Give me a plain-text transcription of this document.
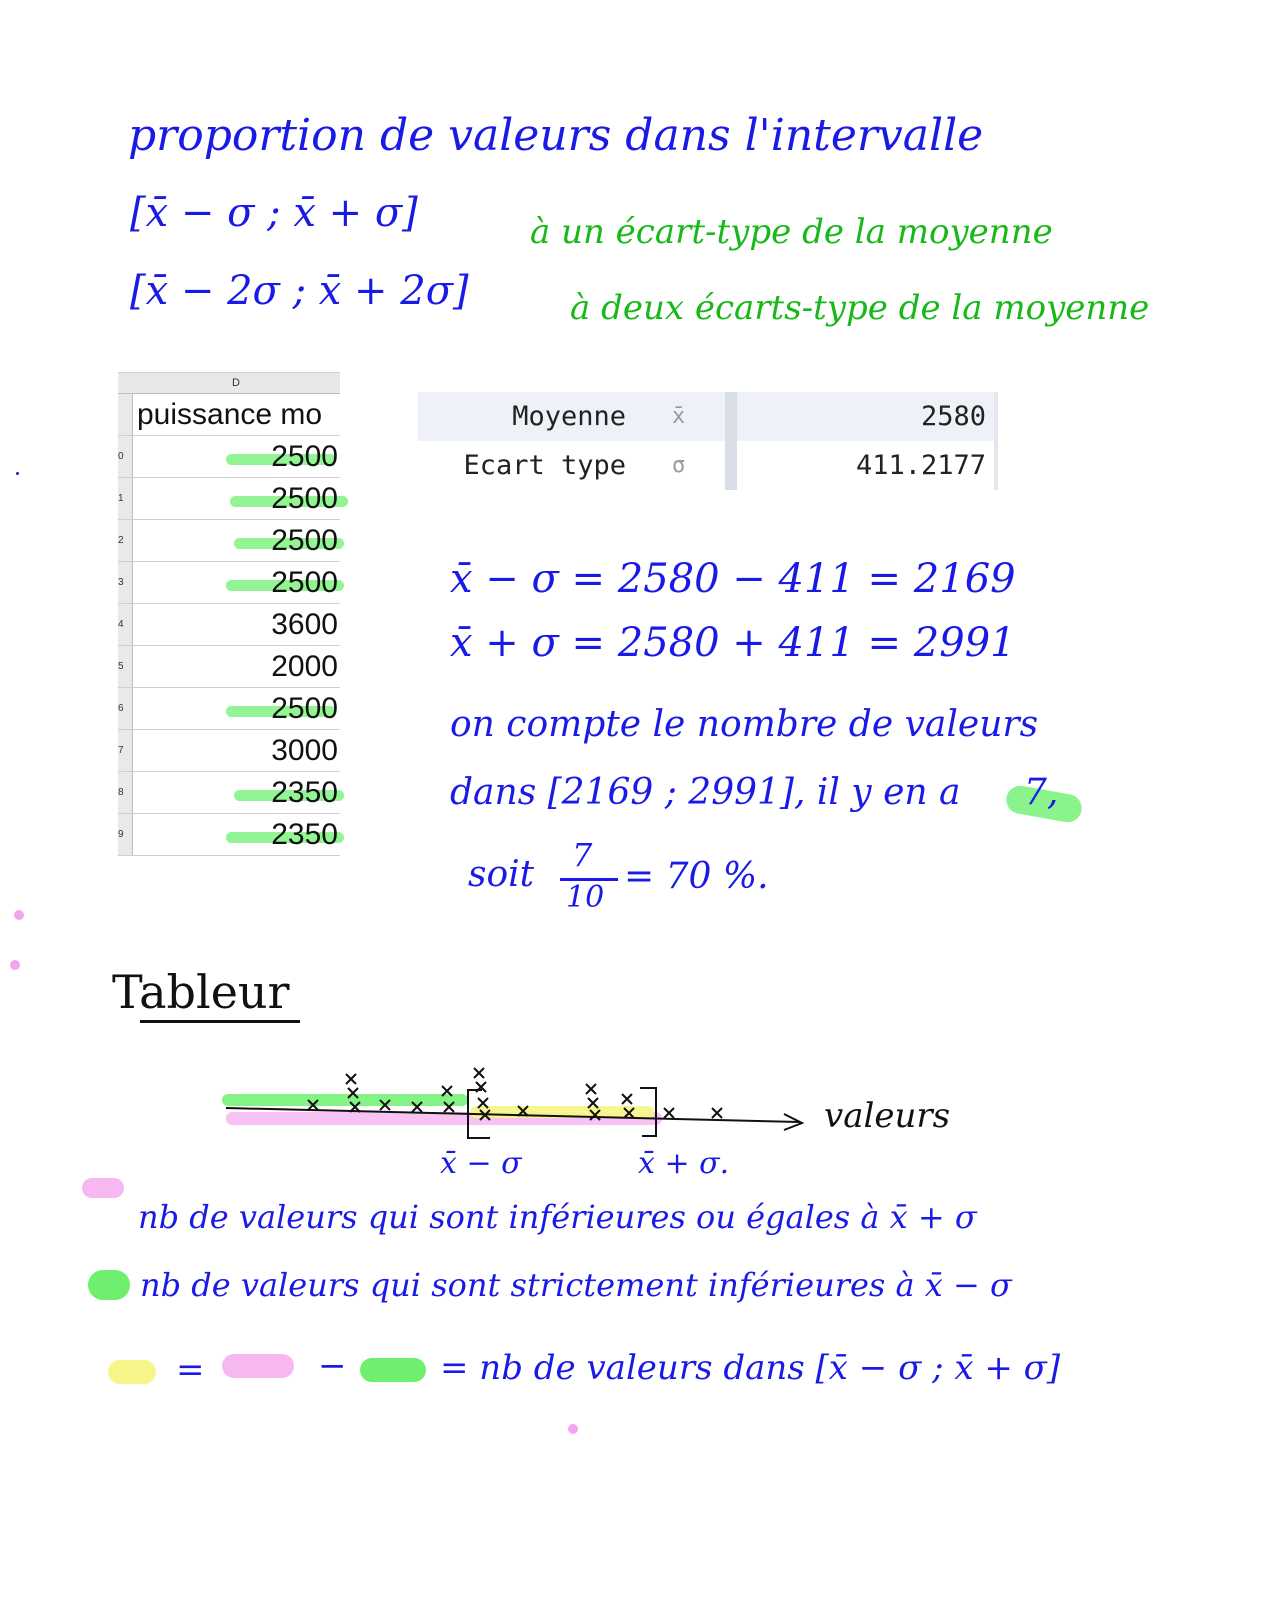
proportion de valeurs dans l'intervalle
[x̄ − σ ; x̄ + σ]	à un écart-type de la moyenne
[x̄ − 2σ ; x̄ + 2σ]	à deux écarts-type de la moyenne
D
puissance mo
0	2500
1	2500
2	2500
3	2500
4	3600
5	2000
6	2500
7	3000
8	2350
9	2350
Moyenne x̄	2580
Ecart type σ	411.2177
x̄ − σ = 2580 − 411 = 2169
x̄ + σ = 2580 + 411 = 2991
on compte le nombre de valeurs
dans [2169 ; 2991], il y en a 7,
soit 7
10
= 70 %.
Tableur
valeurs
x̄ − σ	x̄ + σ.
nb de valeurs qui sont inférieures ou égales à x̄ + σ
nb de valeurs qui sont strictement inférieures à x̄ − σ
=	−	= nb de valeurs dans [x̄ − σ ; x̄ + σ]
